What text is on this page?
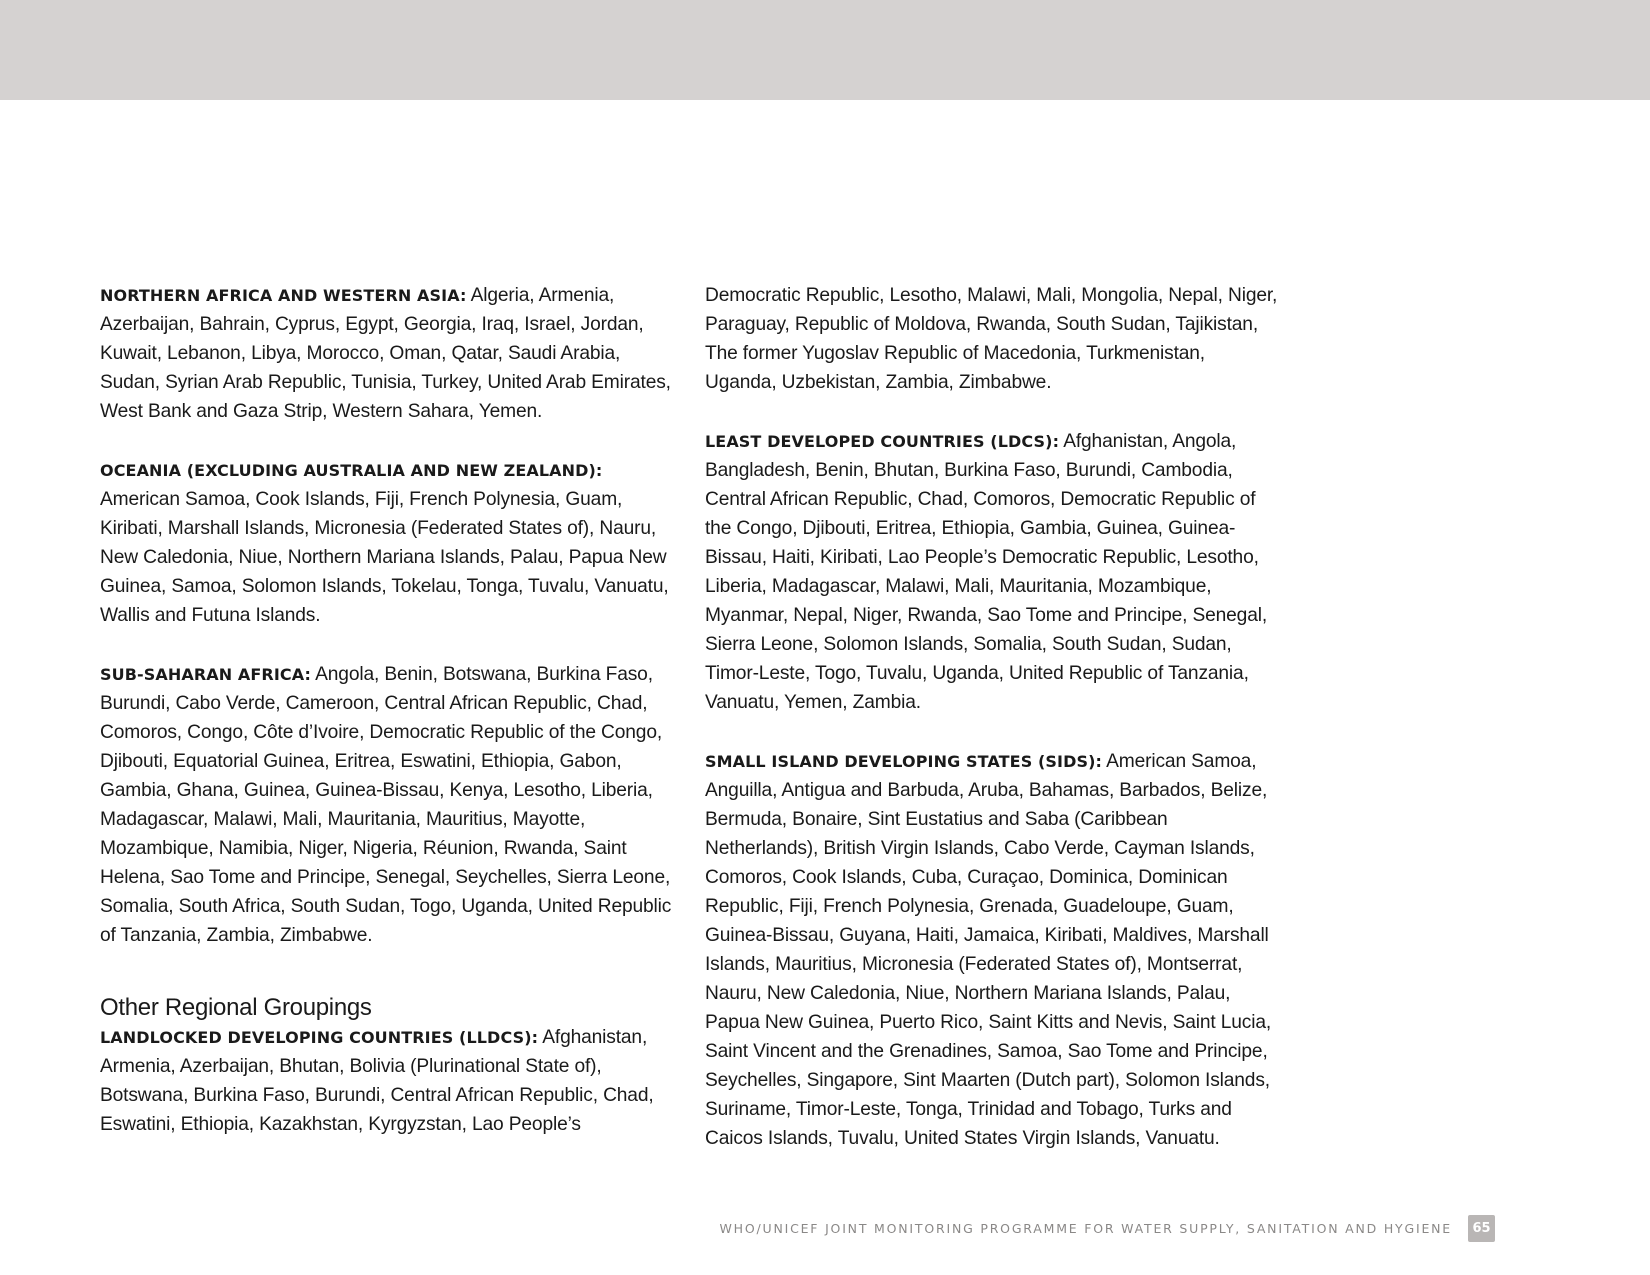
NORTHERN AFRICA AND WESTERN ASIA: Algeria, Armenia, Azerbaijan, Bahrain, Cyprus, Egypt, Georgia, Iraq, Israel, Jordan, Kuwait, Lebanon, Libya, Morocco, Oman, Qatar, Saudi Arabia, Sudan, Syrian Arab Republic, Tunisia, Turkey, United Arab Emirates, West Bank and Gaza Strip, Western Sahara, Yemen.

OCEANIA (EXCLUDING AUSTRALIA AND NEW ZEALAND): American Samoa, Cook Islands, Fiji, French Polynesia, Guam, Kiribati, Marshall Islands, Micronesia (Federated States of), Nauru, New Caledonia, Niue, Northern Mariana Islands, Palau, Papua New Guinea, Samoa, Solomon Islands, Tokelau, Tonga, Tuvalu, Vanuatu, Wallis and Futuna Islands.

SUB-SAHARAN AFRICA: Angola, Benin, Botswana, Burkina Faso, Burundi, Cabo Verde, Cameroon, Central African Republic, Chad, Comoros, Congo, Côte d’Ivoire, Democratic Republic of the Congo, Djibouti, Equatorial Guinea, Eritrea, Eswatini, Ethiopia, Gabon, Gambia, Ghana, Guinea, Guinea-Bissau, Kenya, Lesotho, Liberia, Madagascar, Malawi, Mali, Mauritania, Mauritius, Mayotte, Mozambique, Namibia, Niger, Nigeria, Réunion, Rwanda, Saint Helena, Sao Tome and Principe, Senegal, Seychelles, Sierra Leone, Somalia, South Africa, South Sudan, Togo, Uganda, United Republic of Tanzania, Zambia, Zimbabwe.

Other Regional Groupings

LANDLOCKED DEVELOPING COUNTRIES (LLDCS): Afghanistan, Armenia, Azerbaijan, Bhutan, Bolivia (Plurinational State of), Botswana, Burkina Faso, Burundi, Central African Republic, Chad, Eswatini, Ethiopia, Kazakhstan, Kyrgyzstan, Lao People’s

Democratic Republic, Lesotho, Malawi, Mali, Mongolia, Nepal, Niger, Paraguay, Republic of Moldova, Rwanda, South Sudan, Tajikistan, The former Yugoslav Republic of Macedonia, Turkmenistan, Uganda, Uzbekistan, Zambia, Zimbabwe.

LEAST DEVELOPED COUNTRIES (LDCS): Afghanistan, Angola, Bangladesh, Benin, Bhutan, Burkina Faso, Burundi, Cambodia, Central African Republic, Chad, Comoros, Democratic Republic of the Congo, Djibouti, Eritrea, Ethiopia, Gambia, Guinea, Guinea-Bissau, Haiti, Kiribati, Lao People’s Democratic Republic, Lesotho, Liberia, Madagascar, Malawi, Mali, Mauritania, Mozambique, Myanmar, Nepal, Niger, Rwanda, Sao Tome and Principe, Senegal, Sierra Leone, Solomon Islands, Somalia, South Sudan, Sudan, Timor-Leste, Togo, Tuvalu, Uganda, United Republic of Tanzania, Vanuatu, Yemen, Zambia.

SMALL ISLAND DEVELOPING STATES (SIDS): American Samoa, Anguilla, Antigua and Barbuda, Aruba, Bahamas, Barbados, Belize, Bermuda, Bonaire, Sint Eustatius and Saba (Caribbean Netherlands), British Virgin Islands, Cabo Verde, Cayman Islands, Comoros, Cook Islands, Cuba, Curaçao, Dominica, Dominican Republic, Fiji, French Polynesia, Grenada, Guadeloupe, Guam, Guinea-Bissau, Guyana, Haiti, Jamaica, Kiribati, Maldives, Marshall Islands, Mauritius, Micronesia (Federated States of), Montserrat, Nauru, New Caledonia, Niue, Northern Mariana Islands, Palau, Papua New Guinea, Puerto Rico, Saint Kitts and Nevis, Saint Lucia, Saint Vincent and the Grenadines, Samoa, Sao Tome and Principe, Seychelles, Singapore, Sint Maarten (Dutch part), Solomon Islands, Suriname, Timor-Leste, Tonga, Trinidad and Tobago, Turks and Caicos Islands, Tuvalu, United States Virgin Islands, Vanuatu.

WHO/UNICEF JOINT MONITORING PROGRAMME FOR WATER SUPPLY, SANITATION AND HYGIENE	65
